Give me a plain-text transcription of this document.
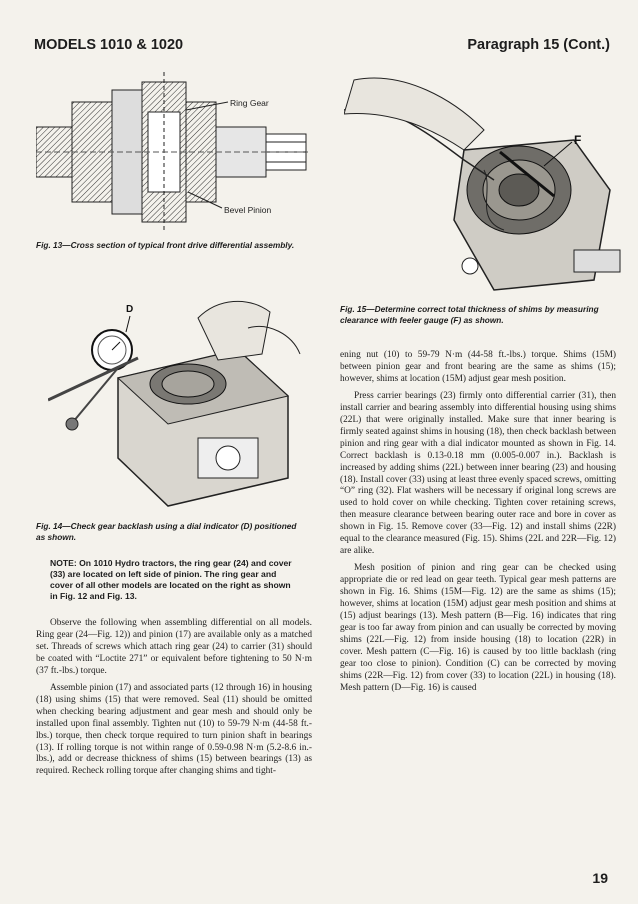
MODELS 1010 & 1020	Paragraph 15 (Cont.)
Ring Gear
Bevel Pinion
Fig. 13—Cross section of typical front drive differential assembly.
D
Fig. 14—Check gear backlash using a dial indicator (D) positioned as shown.
NOTE: On 1010 Hydro tractors, the ring gear (24) and cover (33) are located on left side of pinion. The ring gear and cover of all other models are located on the right as shown in Fig. 12 and Fig. 13.
F
Fig. 15—Determine correct total thickness of shims by measuring clearance with feeler gauge (F) as shown.

Observe the following when assembling differential on all models. Ring gear (24—Fig. 12)) and pinion (17) are available only as a matched set. Threads of screws which attach ring gear (24) to carrier (31) should be coated with “Loctite 271” or equivalent before tightening to 50 N·m (37 ft.-lbs.) torque.

Assemble pinion (17) and associated parts (12 through 16) in housing (18) using shims (15) that were removed. Seal (11) should be omitted when checking bearing adjustment and gear mesh and should only be installed upon final assembly. Tighten nut (10) to 59-79 N·m (44-58 ft.-lbs.) torque, then check torque required to turn pinion shaft in bearings (13). If rolling torque is not within range of 0.59-0.98 N·m (5.2-8.6 in.-lbs.), add or decrease thickness of shims (15) between bearings (13) as required. Recheck rolling torque after changing shims and tight-

ening nut (10) to 59-79 N·m (44-58 ft.-lbs.) torque. Shims (15M) between pinion gear and front bearing are the same as shims (15); however, shims at location (15M) adjust gear mesh position.

Press carrier bearings (23) firmly onto differential carrier (31), then install carrier and bearing assembly into differential housing using shims (22L) that were originally installed. Make sure that inner bearing is firmly seated against shims in housing (18), then check backlash between pinion and ring gear with a dial indicator mounted as shown in Fig. 14. Correct backlash is 0.13-0.18 mm (0.005-0.007 in.). Backlash is increased by adding shims (22L) between inner bearing (23) and housing (18). Install cover (33) using at least three evenly spaced screws, omitting “O” ring (32). Flat washers will be necessary if original long screws are used to hold cover on while checking. Tighten cover retaining screws, then measure clearance between bearing outer race and bore in cover as shown in Fig. 15. Remove cover (33—Fig. 12) and install shims (22R) equal to the clearance measured (Fig. 15). Shims (22L and 22R—Fig. 12) are alike.

Mesh position of pinion and ring gear can be checked using appropriate die or red lead on gear teeth. Typical gear mesh patterns are shown in Fig. 16. Shims (15M—Fig. 12) are the same as shims (15); however, shims at location (15M) adjust gear mesh position and shims at (15) adjust bearings (13). Mesh pattern (B—Fig. 16) indicates that ring gear is too far away from pinion and can usually be corrected by moving shims (22L—Fig. 12) from inside housing (18) to location (22R) in cover. Mesh pattern (C—Fig. 16) is caused by too little backlash (ring gear too close to pinion). Condition (C) can be corrected by moving shims (22R—Fig. 12) from cover (33) to location (22L) in housing (18). Mesh pattern (D—Fig. 16) is caused

19
